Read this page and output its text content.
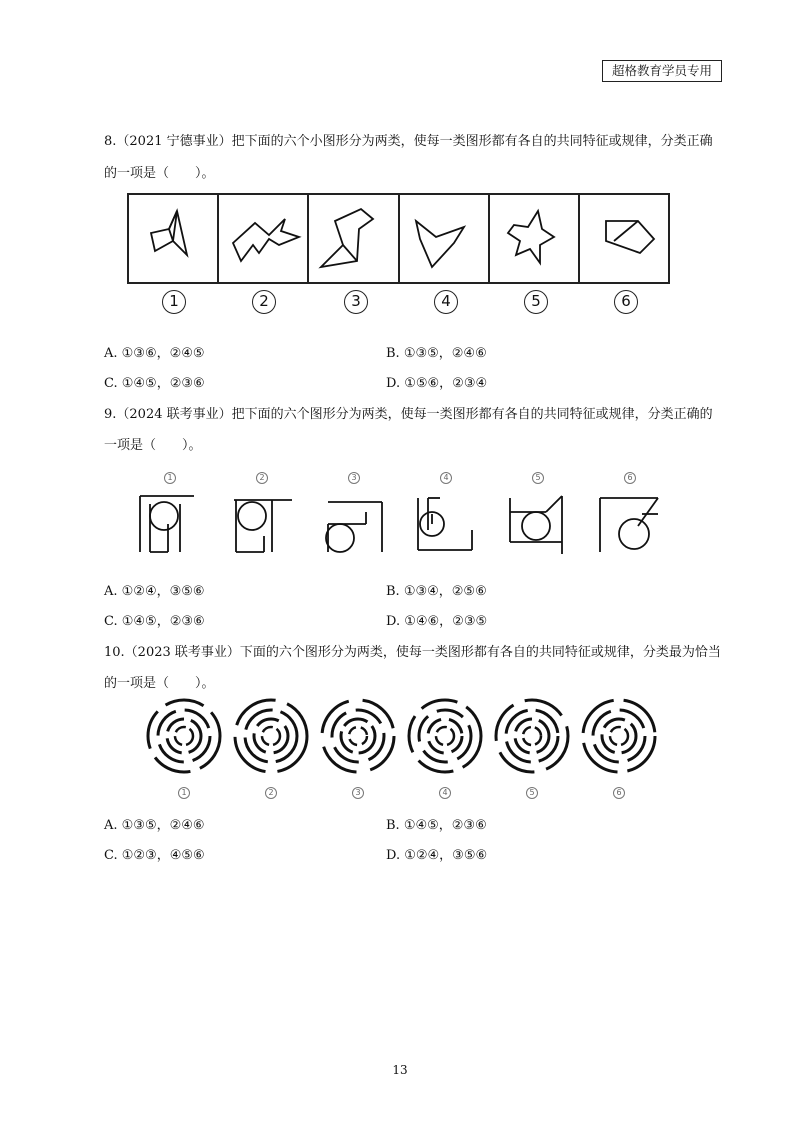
超格教育学员专用
8.（2021 宁德事业）把下面的六个小图形分为两类，使每一类图形都有各自的共同特征或规律，分类正确
的一项是（　　）。
1	2	3	4	5	6
A. ①③⑥，②④⑤	B. ①③⑤，②④⑥
C. ①④⑤，②③⑥	D. ①⑤⑥，②③④
9.（2024 联考事业）把下面的六个图形分为两类，使每一类图形都有各自的共同特征或规律，分类正确的
一项是（　　）。
1	2	3	4	5	6
A. ①②④，③⑤⑥	B. ①③④，②⑤⑥
C. ①④⑤，②③⑥	D. ①④⑥，②③⑤
10.（2023 联考事业）下面的六个图形分为两类，使每一类图形都有各自的共同特征或规律，分类最为恰当
的一项是（　　）。
1	2	3	4	5	6
A. ①③⑤，②④⑥	B. ①④⑤，②③⑥
C. ①②③，④⑤⑥	D. ①②④，③⑤⑥
13
